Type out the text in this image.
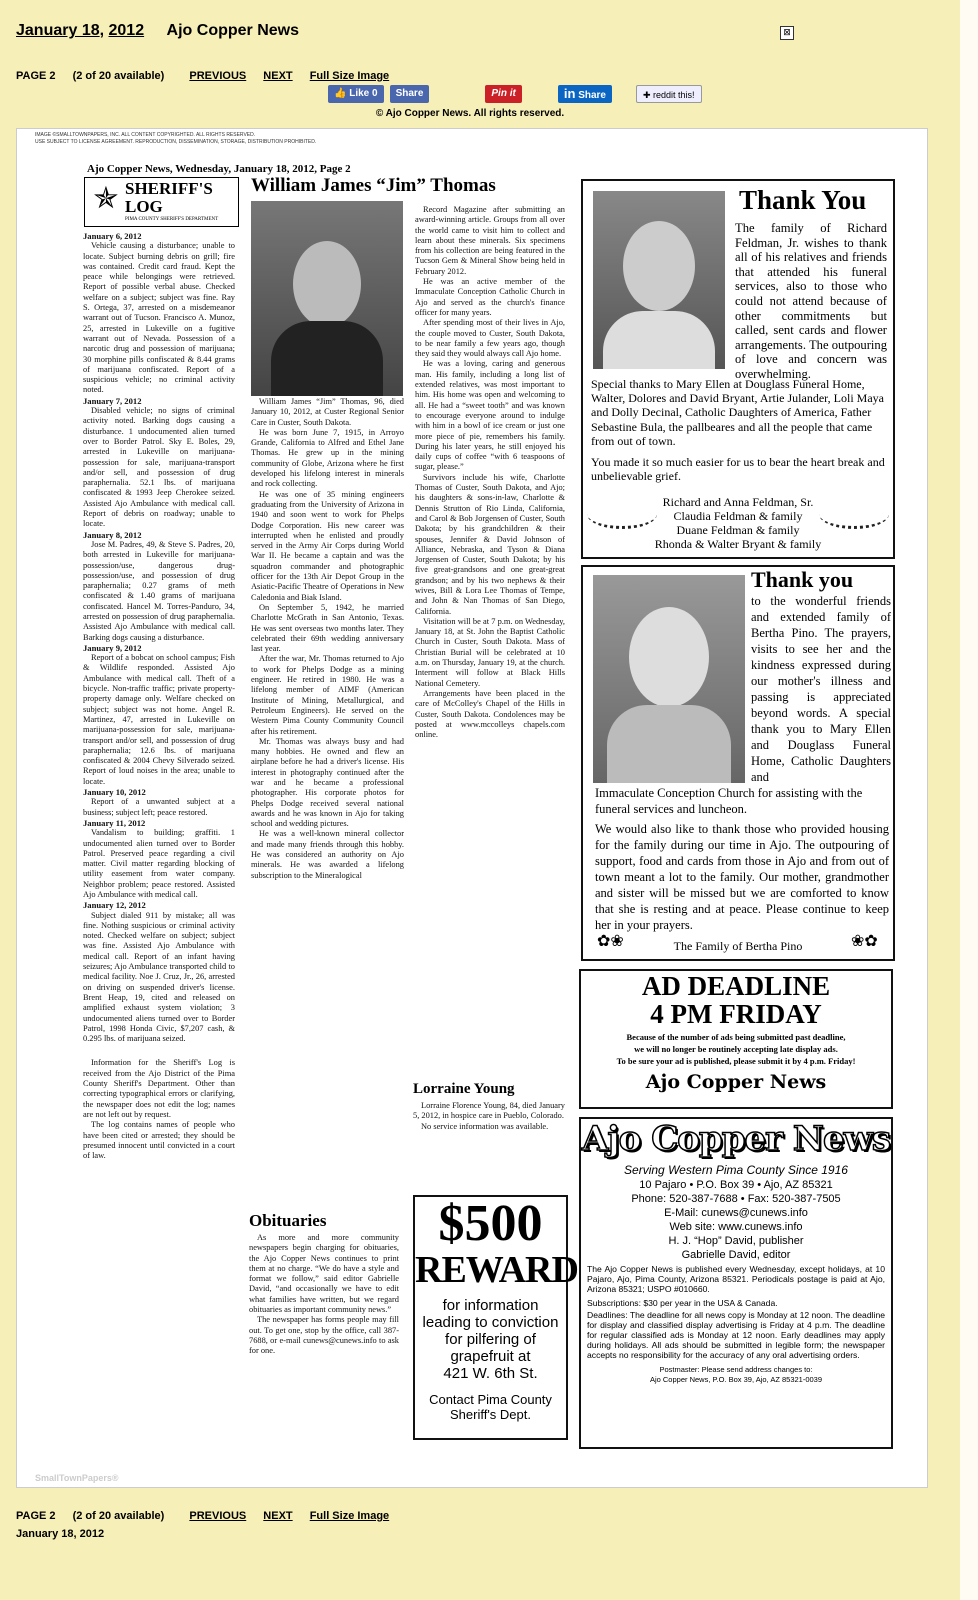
January 18, 2012 Ajo Copper News	⊠
PAGE 2 (2 of 20 available) PREVIOUS NEXT Full Size Image
👍 Like 0	Share	Pin it	in Share	✚ reddit this!
© Ajo Copper News. All rights reserved.
IMAGE ©SMALLTOWNPAPERS, INC. ALL CONTENT COPYRIGHTED. ALL RIGHTS RESERVED.
USE SUBJECT TO LICENSE AGREEMENT. REPRODUCTION, DISSEMINATION, STORAGE, DISTRIBUTION PROHIBITED.
Ajo Copper News, Wednesday, January 18, 2012, Page 2
✯ SHERIFF'S
LOG
PIMA COUNTY SHERIFF'S DEPARTMENT
January 6, 2012

Vehicle causing a disturbance; unable to locate. Subject burning debris on grill; fire was contained. Credit card fraud. Kept the peace while belongings were retrieved. Report of possible verbal abuse. Checked welfare on a subject; subject was fine. Ray S. Ortega, 37, arrested on a misdemeanor warrant out of Tucson. Francisco A. Munoz, 25, arrested in Lukeville on a fugitive warrant out of Nevada. Possession of a narcotic drug and possession of marijuana; 30 morphine pills confiscated & 8.44 grams of marijuana confiscated. Report of a suspicious vehicle; no criminal activity noted.

January 7, 2012

Disabled vehicle; no signs of criminal activity noted. Barking dogs causing a disturbance. 1 undocumented alien turned over to Border Patrol. Sky E. Boles, 29, arrested in Lukeville on marijuana-possession for sale, marijuana-transport and/or sell, and possession of drug paraphernalia. 52.1 lbs. of marijuana confiscated & 1993 Jeep Cherokee seized. Assisted Ajo Ambulance with medical call. Report of debris on roadway; unable to locate.

January 8, 2012

Jose M. Padres, 49, & Steve S. Padres, 20, both arrested in Lukeville for marijuana-possession/use, dangerous drug-possession/use, and possession of drug paraphernalia; 0.27 grams of meth confiscated & 1.40 grams of marijuana confiscated. Hancel M. Torres-Panduro, 34, arrested on possession of drug paraphernalia. Assisted Ajo Ambulance with medical call. Barking dogs causing a disturbance.

January 9, 2012

Report of a bobcat on school campus; Fish & Wildlife responded. Assisted Ajo Ambulance with medical call. Theft of a bicycle. Non-traffic traffic; private property-property damage only. Welfare checked on subject; subject was not home. Angel R. Martinez, 47, arrested in Lukeville on marijuana-possession for sale, marijuana-transport and/or sell, and possession of drug paraphernalia; 12.6 lbs. of marijuana confiscated & 2004 Chevy Silverado seized. Report of loud noises in the area; unable to locate.

January 10, 2012

Report of a unwanted subject at a business; subject left; peace restored.

January 11, 2012

Vandalism to building; graffiti. 1 undocumented alien turned over to Border Patrol. Preserved peace regarding a civil matter. Civil matter regarding blocking of utility easement from water company. Neighbor problem; peace restored. Assisted Ajo Ambulance with medical call.

January 12, 2012

Subject dialed 911 by mistake; all was fine. Nothing suspicious or criminal activity noted. Checked welfare on subject; subject was fine. Assisted Ajo Ambulance with medical call. Report of an infant having seizures; Ajo Ambulance transported child to medical facility. Noe J. Cruz, Jr., 26, arrested on driving on suspended driver's license. Brent Heap, 19, cited and released on amplified exhaust system violation; 3 undocumented aliens turned over to Border Patrol, 1998 Honda Civic, $7,207 cash, & 0.295 lbs. of marijuana seized.

Information for the Sheriff's Log is received from the Ajo District of the Pima County Sheriff's Department. Other than correcting typographical errors or clarifying, the newspaper does not edit the log; names are not left out by request.

The log contains names of people who have been cited or arrested; they should be presumed innocent until convicted in a court of law.

William James “Jim” Thomas

William James “Jim” Thomas, 96, died January 10, 2012, at Custer Regional Senior Care in Custer, South Dakota.

He was born June 7, 1915, in Arroyo Grande, California to Alfred and Ethel Jane Thomas. He grew up in the mining community of Globe, Arizona where he first developed his lifelong interest in minerals and rock collecting.

He was one of 35 mining engineers graduating from the University of Arizona in 1940 and soon went to work for Phelps Dodge Corporation. His new career was interrupted when he enlisted and proudly served in the Army Air Corps during World War II. He became a captain and was the squadron commander and photographic officer for the 13th Air Depot Group in the Asiatic-Pacific Theatre of Operations in New Caledonia and Biak Island.

On September 5, 1942, he married Charlotte McGrath in San Antonio, Texas. He was sent overseas two months later. They celebrated their 69th wedding anniversary last year.

After the war, Mr. Thomas returned to Ajo to work for Phelps Dodge as a mining engineer. He retired in 1980. He was a lifelong member of AIMF (American Institute of Mining, Metallurgical, and Petroleum Engineers). He served on the Western Pima County Community Council after his retirement.

Mr. Thomas was always busy and had many hobbies. He owned and flew an airplane before he had a driver's license. His interest in photography continued after the war and he became a professional photographer. His corporate photos for Phelps Dodge received several national awards and he was known in Ajo for taking school and wedding pictures.

He was a well-known mineral collector and made many friends through this hobby. He was considered an authority on Ajo minerals. He was awarded a lifelong subscription to the Mineralogical

Record Magazine after submitting an award-winning article. Groups from all over the world came to visit him to collect and learn about these minerals. Six specimens from his collection are being featured in the Tucson Gem & Mineral Show being held in February 2012.

He was an active member of the Immaculate Conception Catholic Church in Ajo and served as the church's finance officer for many years.

After spending most of their lives in Ajo, the couple moved to Custer, South Dakota, to be near family a few years ago, though they said they would always call Ajo home.

He was a loving, caring and generous man. His family, including a long list of extended relatives, was most important to him. His home was open and welcoming to all. He had a “sweet tooth” and was known to encourage everyone around to indulge with him in a bowl of ice cream or just one more piece of pie, remembers his family. During his later years, he still enjoyed his daily cups of coffee “with 6 teaspoons of sugar, please.”

Survivors include his wife, Charlotte Thomas of Custer, South Dakota, and Ajo; his daughters & sons-in-law, Charlotte & Dennis Strutton of Rio Linda, California, and Carol & Bob Jorgensen of Custer, South Dakota; by his grandchildren & their spouses, Jennifer & David Johnson of Alliance, Nebraska, and Tyson & Diana Jorgensen of Custer, South Dakota; by his five great-grandsons and one great-great grandson; and by his two nephews & their wives, Bill & Lora Lee Thomas of Tempe, and John & Nan Thomas of San Diego, California.

Visitation will be at 7 p.m. on Wednesday, January 18, at St. John the Baptist Catholic Church in Custer, South Dakota. Mass of Christian Burial will be celebrated at 10 a.m. on Thursday, January 19, at the church. Interment will follow at Black Hills National Cemetery.

Arrangements have been placed in the care of McColley's Chapel of the Hills in Custer, South Dakota. Condolences may be posted at www.mccolleys chapels.com online.

Obituaries

As more and more community newspapers begin charging for obituaries, the Ajo Copper News continues to print them at no charge. “We do have a style and format we follow,” said editor Gabrielle David, “and occasionally we have to edit what families have written, but we regard obituaries as important community news.”

The newspaper has forms people may fill out. To get one, stop by the office, call 387-7688, or e-mail cunews@cunews.info to ask for one.

Lorraine Young

Lorraine Florence Young, 84, died January 5, 2012, in hospice care in Pueblo, Colorado.

No service information was available.

$500
REWARD
for information
leading to conviction
for pilfering of
grapefruit at
421 W. 6th St.
Contact Pima County
Sheriff's Dept.
Thank You
The family of Richard Feldman, Jr. wishes to thank all of his relatives and friends that attended his funeral services, also to those who could not attend because of other commitments but called, sent cards and flower arrangements. The outpouring of love and concern was overwhelming.
Special thanks to Mary Ellen at Douglass Funeral Home, Walter, Dolores and David Bryant, Artie Julander, Loli Maya and Dolly Decinal, Catholic Daughters of America, Father Sebastine Bula, the pallbeares and all the people that came from out of town.
You made it so much easier for us to bear the heart break and unbelievable grief.
Richard and Anna Feldman, Sr.
Claudia Feldman & family
Duane Feldman & family
Rhonda & Walter Bryant & family
Thank you
to the wonderful friends and extended family of Bertha Pino. The prayers, visits to see her and the kindness expressed during our mother's illness and passing is appreciated beyond words. A special thank you to Mary Ellen and Douglass Funeral Home, Catholic Daughters and
Immaculate Conception Church for assisting with the funeral services and luncheon.
We would also like to thank those who provided housing for the family during our time in Ajo. The outpouring of support, food and cards from those in Ajo and from out of town meant a lot to the family. Our mother, grandmother and sister will be missed but we are comforted to know that she is resting and at peace. Please continue to keep her in your prayers.
The Family of Bertha Pino
✿❀	❀✿
AD DEADLINE
4 PM FRIDAY
Because of the number of ads being submitted past deadline,
we will no longer be routinely accepting late display ads.
To be sure your ad is published, please submit it by 4 p.m. Friday!
Ajo Copper News
Ajo Copper News
Serving Western Pima County Since 1916
10 Pajaro • P.O. Box 39 • Ajo, AZ 85321
Phone: 520-387-7688 • Fax: 520-387-7505
E-Mail: cunews@cunews.info
Web site: www.cunews.info
H. J. “Hop” David, publisher
Gabrielle David, editor
The Ajo Copper News is published every Wednesday, except holidays, at 10 Pajaro, Ajo, Pima County, Arizona 85321. Periodicals postage is paid at Ajo, Arizona 85321; USPO #010660.
Subscriptions: $30 per year in the USA & Canada.
Deadlines: The deadline for all news copy is Monday at 12 noon. The deadline for display and classified display advertising is Friday at 4 p.m. The deadline for regular classified ads is Monday at 12 noon. Early deadlines may apply during holidays. All ads should be submitted in legible form; the newspaper accepts no responsibility for the accuracy of any oral advertising orders.
Postmaster: Please send address changes to:
Ajo Copper News, P.O. Box 39, Ajo, AZ 85321-0039
SmallTownPapers®
PAGE 2 (2 of 20 available) PREVIOUS NEXT Full Size Image
January 18, 2012
